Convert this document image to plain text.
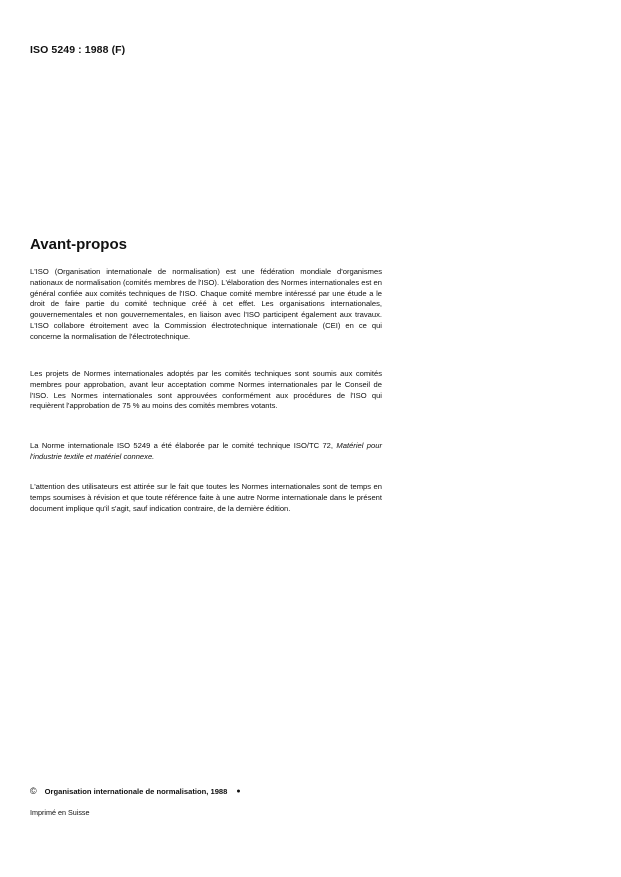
ISO 5249 : 1988 (F)
Avant-propos

L'ISO (Organisation internationale de normalisation) est une fédération mondiale d'organismes nationaux de normalisation (comités membres de l'ISO). L'élaboration des Normes internationales est en général confiée aux comités techniques de l'ISO. Chaque comité membre intéressé par une étude a le droit de faire partie du comité technique créé à cet effet. Les organisations internationales, gouvernementales et non gouvernementales, en liaison avec l'ISO participent également aux travaux. L'ISO collabore étroitement avec la Commission électrotechnique internationale (CEI) en ce qui concerne la normalisation de l'électrotechnique.

Les projets de Normes internationales adoptés par les comités techniques sont soumis aux comités membres pour approbation, avant leur acceptation comme Normes internationales par le Conseil de l'ISO. Les Normes internationales sont approuvées conformément aux procédures de l'ISO qui requièrent l'approbation de 75 % au moins des comités membres votants.

La Norme internationale ISO 5249 a été élaborée par le comité technique ISO/TC 72, Matériel pour l'industrie textile et matériel connexe.

L'attention des utilisateurs est attirée sur le fait que toutes les Normes internationales sont de temps en temps soumises à révision et que toute référence faite à une autre Norme internationale dans le présent document implique qu'il s'agit, sauf indication contraire, de la dernière édition.

© Organisation internationale de normalisation, 1988 ●
Imprimé en Suisse
